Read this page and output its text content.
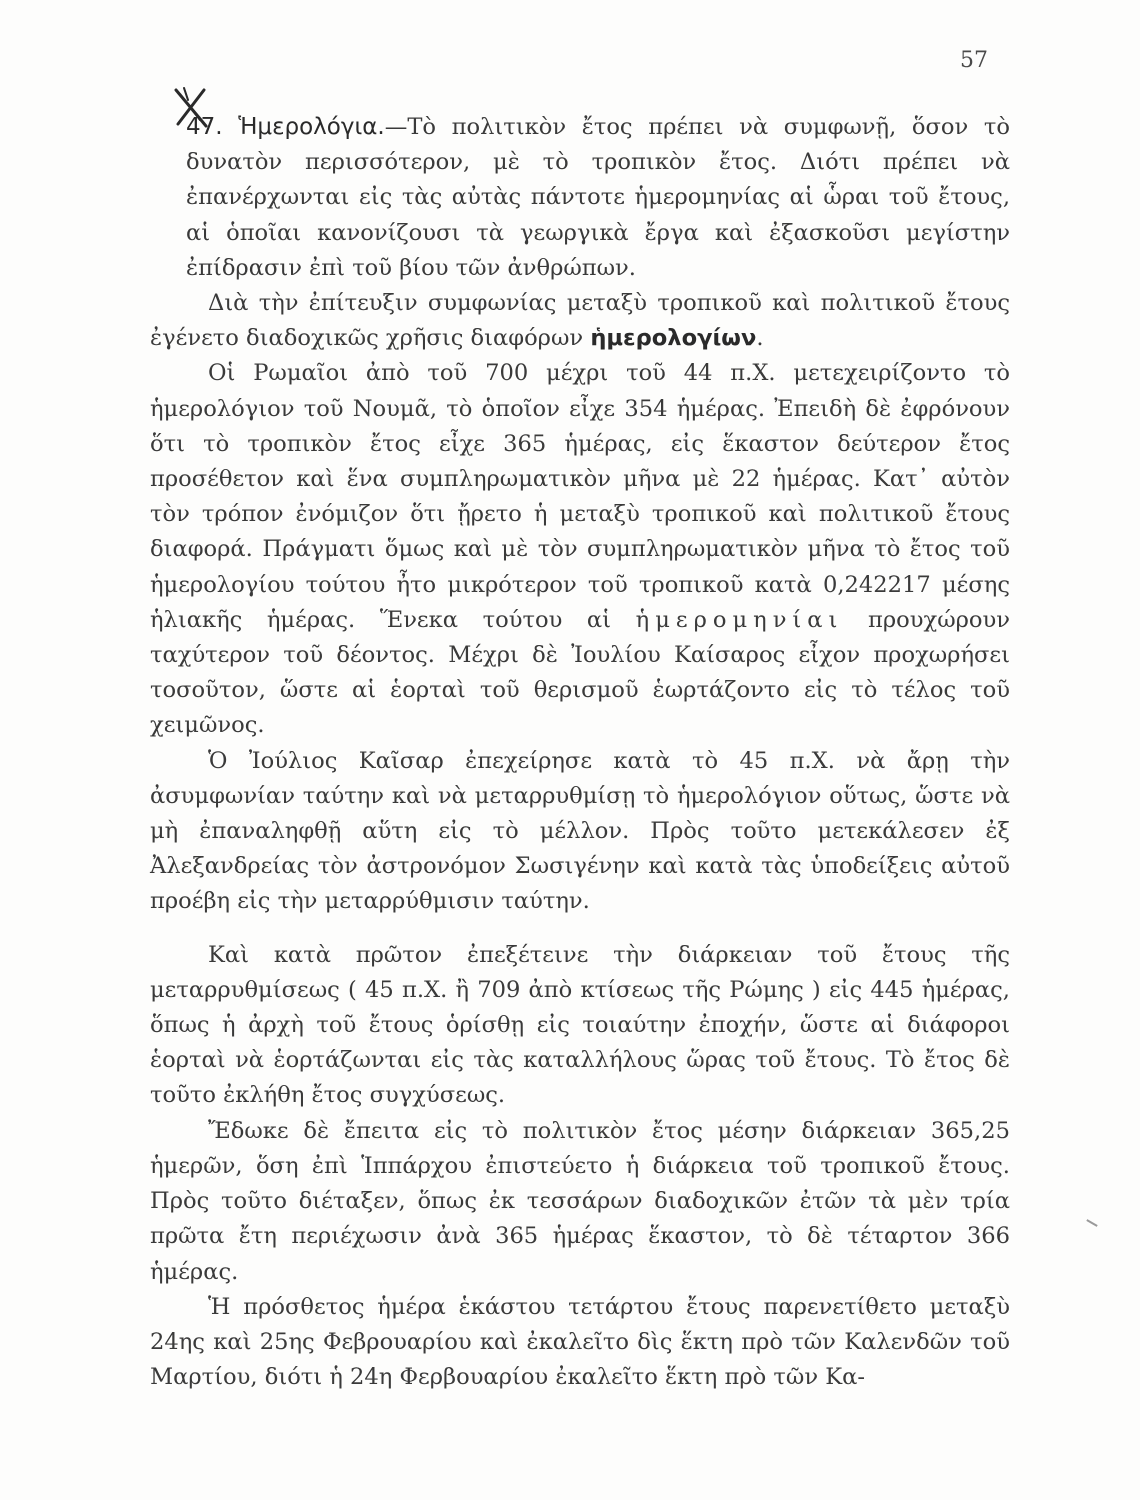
57

47. Ἡμερολόγια.—Τὸ πολιτικὸν ἔτος πρέπει νὰ συμφωνῇ, ὅσον τὸ δυνατὸν περισσότερον, μὲ τὸ τροπικὸν ἔτος. Διότι πρέπει νὰ ἐπανέρχωνται εἰς τὰς αὐτὰς πάντοτε ἡμερομηνίας αἱ ὧραι τοῦ ἔτους, αἱ ὁποῖαι κανονίζουσι τὰ γεωργικὰ ἔργα καὶ ἐξασκοῦσι μεγίστην ἐπίδρασιν ἐπὶ τοῦ βίου τῶν ἀνθρώπων.

Διὰ τὴν ἐπίτευξιν συμφωνίας μεταξὺ τροπικοῦ καὶ πολιτικοῦ ἔτους ἐγένετο διαδοχικῶς χρῆσις διαφόρων ἡμερολογίων.

Οἱ Ρωμαῖοι ἀπὸ τοῦ 700 μέχρι τοῦ 44 π.Χ. μετεχειρίζοντο τὸ ἡμερολόγιον τοῦ Νουμᾶ, τὸ ὁποῖον εἶχε 354 ἡμέρας. Ἐπειδὴ δὲ ἐφρόνουν ὅτι τὸ τροπικὸν ἔτος εἶχε 365 ἡμέρας, εἰς ἕκαστον δεύτερον ἔτος προσέθετον καὶ ἕνα συμπληρωματικὸν μῆνα μὲ 22 ἡμέρας. Κατ᾽ αὐτὸν τὸν τρόπον ἐνόμιζον ὅτι ᾔρετο ἡ μεταξὺ τροπικοῦ καὶ πολιτικοῦ ἔτους διαφορά. Πράγματι ὅμως καὶ μὲ τὸν συμπληρωματικὸν μῆνα τὸ ἔτος τοῦ ἡμερολογίου τούτου ἦτο μικρότερον τοῦ τροπικοῦ κατὰ 0,242217 μέσης ἡλιακῆς ἡμέρας. Ἕνεκα τούτου αἱ ἡμερομηνίαι προυχώρουν ταχύτερον τοῦ δέοντος. Μέχρι δὲ Ἰουλίου Καίσαρος εἶχον προχωρήσει τοσοῦτον, ὥστε αἱ ἑορταὶ τοῦ θερισμοῦ ἑωρτάζοντο εἰς τὸ τέλος τοῦ χειμῶνος.

Ὁ Ἰούλιος Καῖσαρ ἐπεχείρησε κατὰ τὸ 45 π.Χ. νὰ ἄρῃ τὴν ἀσυμφωνίαν ταύτην καὶ νὰ μεταρρυθμίσῃ τὸ ἡμερολόγιον οὕτως, ὥστε νὰ μὴ ἐπαναληφθῇ αὕτη εἰς τὸ μέλλον. Πρὸς τοῦτο μετεκάλεσεν ἐξ Ἀλεξανδρείας τὸν ἀστρονόμον Σωσιγένην καὶ κατὰ τὰς ὑποδείξεις αὐτοῦ προέβη εἰς τὴν μεταρρύθμισιν ταύτην.

Καὶ κατὰ πρῶτον ἐπεξέτεινε τὴν διάρκειαν τοῦ ἔτους τῆς μεταρρυθμίσεως ( 45 π.Χ. ἢ 709 ἀπὸ κτίσεως τῆς Ρώμης ) εἰς 445 ἡμέρας, ὅπως ἡ ἀρχὴ τοῦ ἔτους ὁρίσθῃ εἰς τοιαύτην ἐποχήν, ὥστε αἱ διάφοροι ἑορταὶ νὰ ἑορτάζωνται εἰς τὰς καταλλήλους ὥρας τοῦ ἔτους. Τὸ ἔτος δὲ τοῦτο ἐκλήθη ἔτος συγχύσεως.

Ἔδωκε δὲ ἔπειτα εἰς τὸ πολιτικὸν ἔτος μέσην διάρκειαν 365,25 ἡμερῶν, ὅση ἐπὶ Ἱππάρχου ἐπιστεύετο ἡ διάρκεια τοῦ τροπικοῦ ἔτους. Πρὸς τοῦτο διέταξεν, ὅπως ἐκ τεσσάρων διαδοχικῶν ἐτῶν τὰ μὲν τρία πρῶτα ἔτη περιέχωσιν ἀνὰ 365 ἡμέρας ἕκαστον, τὸ δὲ τέταρτον 366 ἡμέρας.

Ἡ πρόσθετος ἡμέρα ἑκάστου τετάρτου ἔτους παρενετίθετο μεταξὺ 24ης καὶ 25ης Φεβρουαρίου καὶ ἐκαλεῖτο δὶς ἕκτη πρὸ τῶν Καλενδῶν τοῦ Μαρτίου, διότι ἡ 24η Φερβουαρίου ἐκαλεῖτο ἕκτη πρὸ τῶν Κα-
